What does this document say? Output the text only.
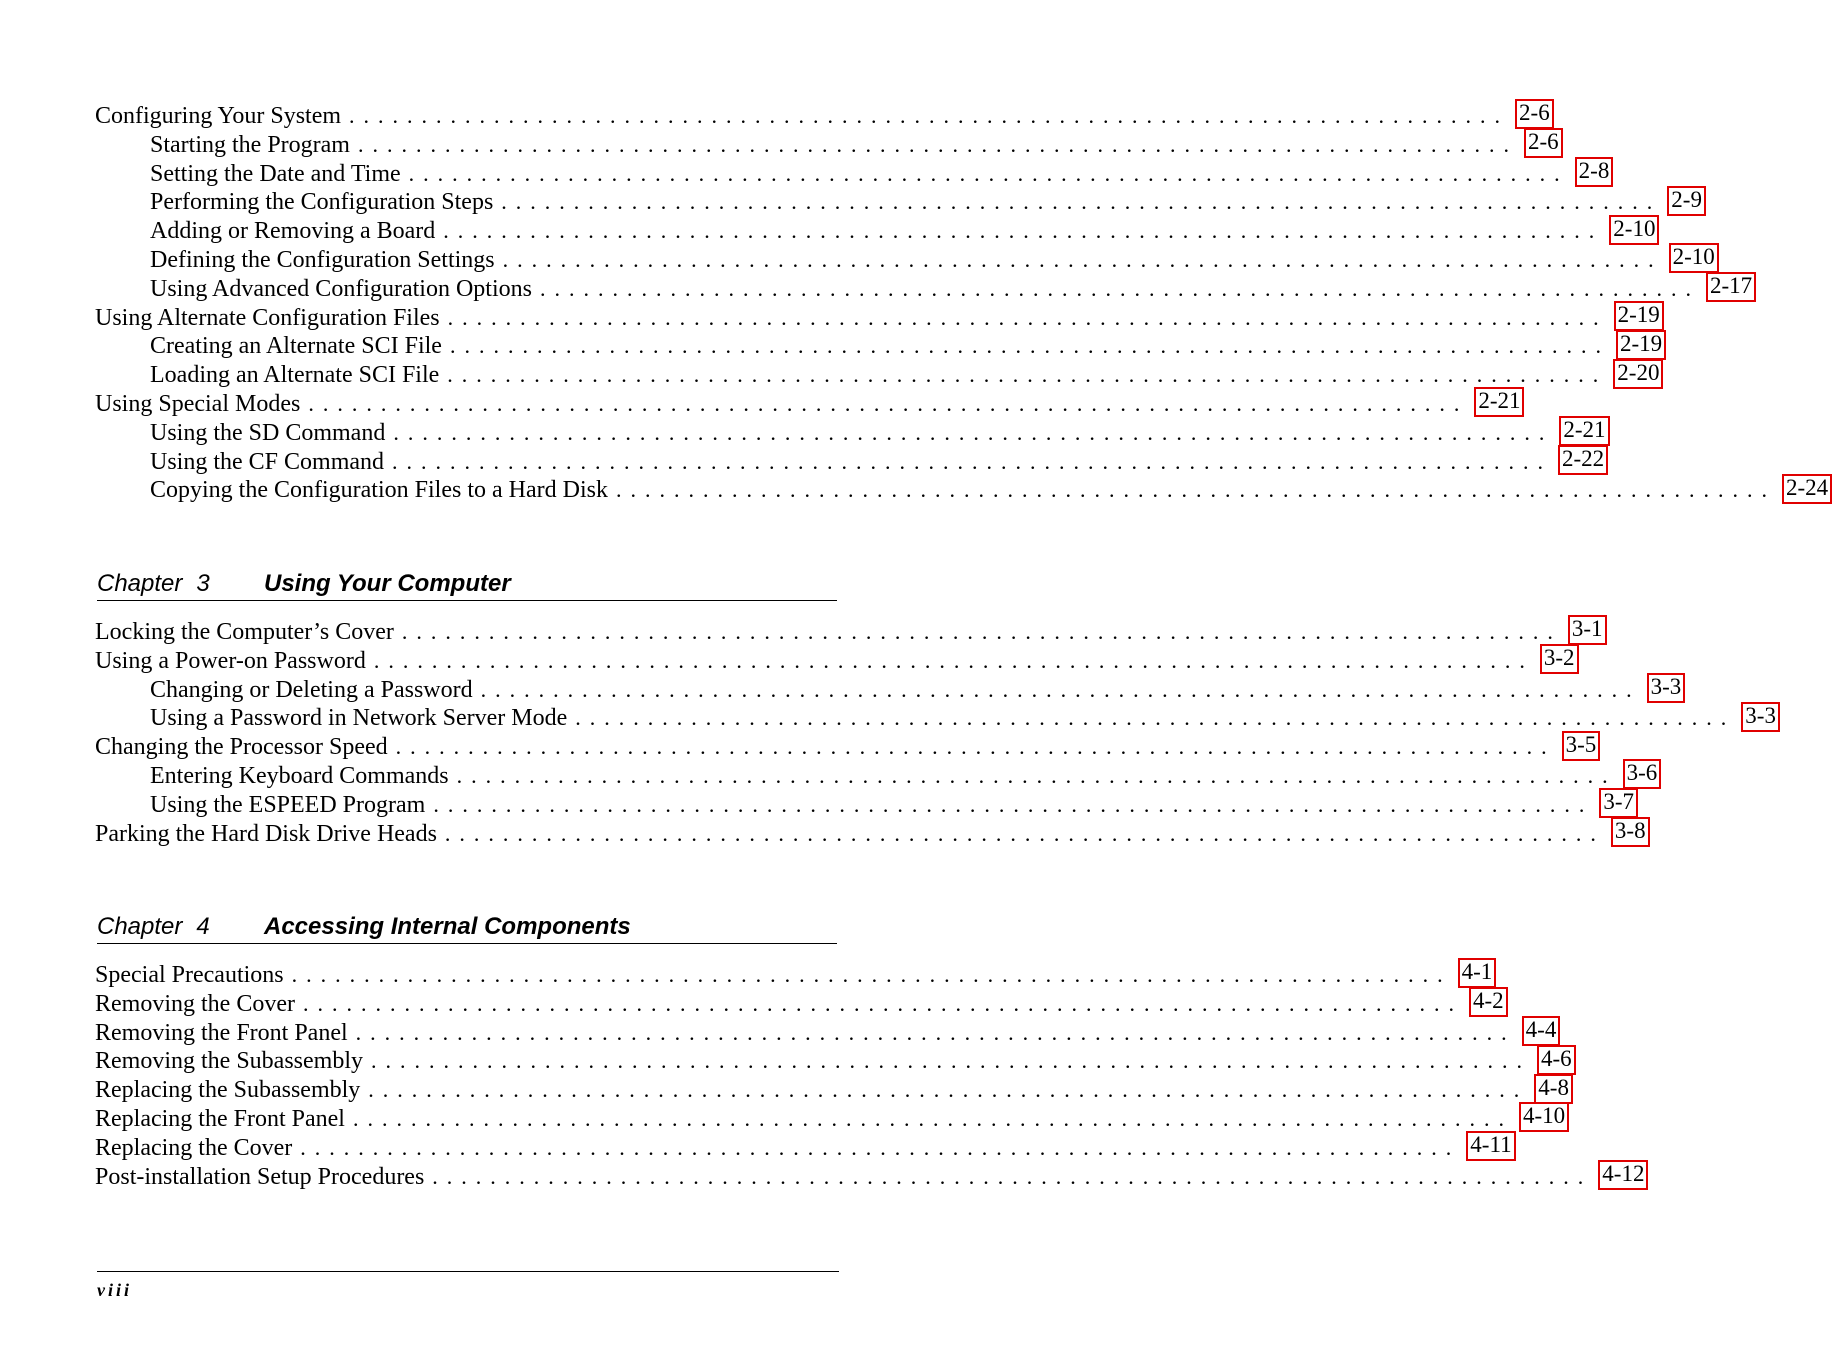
Configuring Your System ................................................................................ 2-6
Starting the Program ................................................................................ 2-6
Setting the Date and Time ................................................................................ 2-8
Performing the Configuration Steps ................................................................................ 2-9
Adding or Removing a Board ................................................................................ 2-10
Defining the Configuration Settings ................................................................................ 2-10
Using Advanced Configuration Options ................................................................................ 2-17
Using Alternate Configuration Files ................................................................................ 2-19
Creating an Alternate SCI File ................................................................................ 2-19
Loading an Alternate SCI File ................................................................................ 2-20
Using Special Modes ................................................................................ 2-21
Using the SD Command ................................................................................ 2-21
Using the CF Command ................................................................................ 2-22
Copying the Configuration Files to a Hard Disk ................................................................................ 2-24
Chapter 3 Using Your Computer
Locking the Computer’s Cover ................................................................................ 3-1
Using a Power-on Password ................................................................................ 3-2
Changing or Deleting a Password ................................................................................ 3-3
Using a Password in Network Server Mode ................................................................................ 3-3
Changing the Processor Speed ................................................................................ 3-5
Entering Keyboard Commands ................................................................................ 3-6
Using the ESPEED Program ................................................................................ 3-7
Parking the Hard Disk Drive Heads ................................................................................ 3-8
Chapter 4 Accessing Internal Components
Special Precautions ................................................................................ 4-1
Removing the Cover ................................................................................ 4-2
Removing the Front Panel ................................................................................ 4-4
Removing the Subassembly ................................................................................ 4-6
Replacing the Subassembly ................................................................................ 4-8
Replacing the Front Panel ................................................................................ 4-10
Replacing the Cover ................................................................................ 4-11
Post-installation Setup Procedures ................................................................................ 4-12
viii
